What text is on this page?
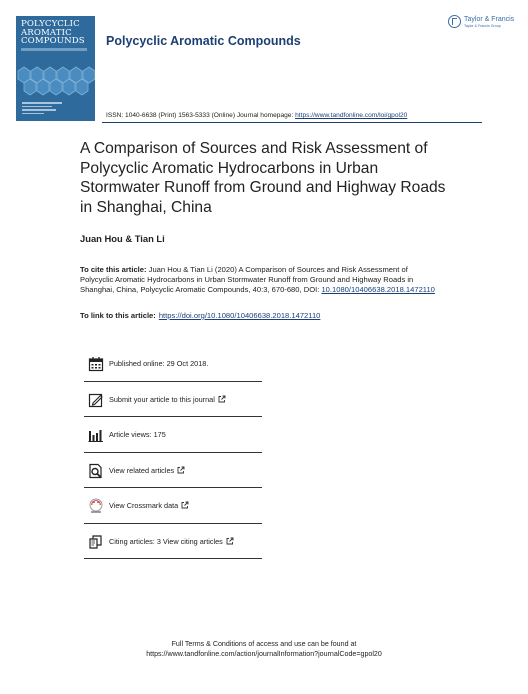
POLYCYCLIC
AROMATIC
COMPOUNDS	Polycyclic Aromatic Compounds
Taylor & Francis
Taylor & Francis Group
ISSN: 1040-6638 (Print) 1563-5333 (Online) Journal homepage: https://www.tandfonline.com/loi/gpol20
A Comparison of Sources and Risk Assessment of Polycyclic Aromatic Hydrocarbons in Urban Stormwater Runoff from Ground and Highway Roads in Shanghai, China
Juan Hou & Tian Li
To cite this article: Juan Hou & Tian Li (2020) A Comparison of Sources and Risk Assessment of Polycyclic Aromatic Hydrocarbons in Urban Stormwater Runoff from Ground and Highway Roads in Shanghai, China, Polycyclic Aromatic Compounds, 40:3, 670-680, DOI: 10.1080/10406638.2018.1472110
To link to this article: https://doi.org/10.1080/10406638.2018.1472110
Published online: 29 Oct 2018.
Submit your article to this journal
Article views: 175
View related articles
View Crossmark data
Citing articles: 3 View citing articles
Full Terms & Conditions of access and use can be found at
https://www.tandfonline.com/action/journalInformation?journalCode=gpol20
